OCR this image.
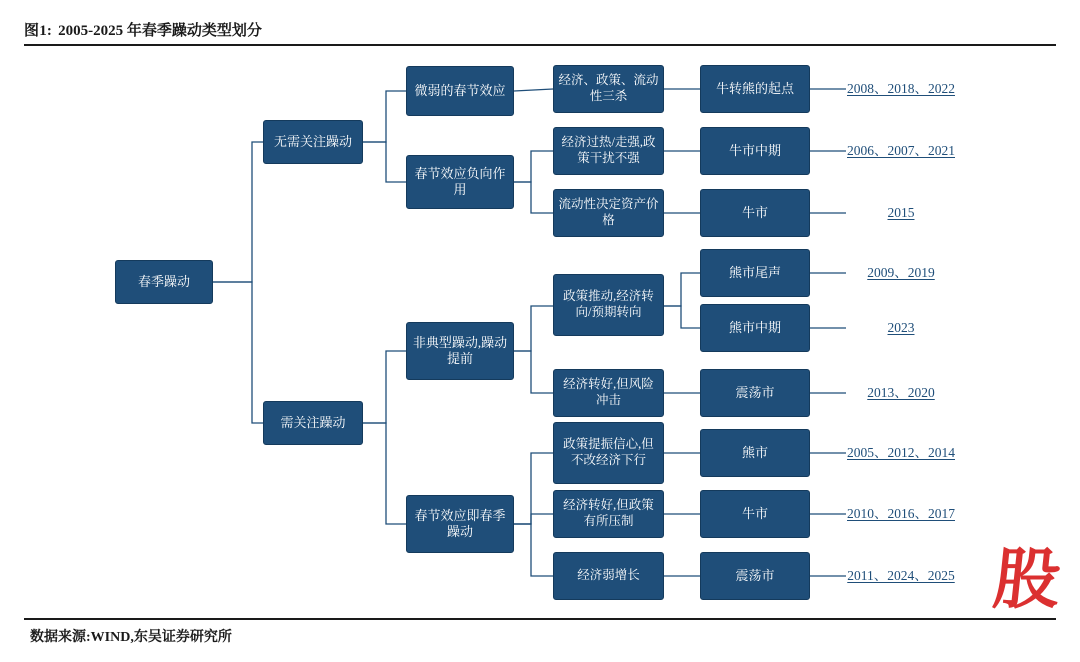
图1: 2005-2025 年春季躁动类型划分
春季躁动
无需关注躁动
需关注躁动
微弱的春节效应
春节效应负向作用
非典型躁动,躁动提前
春节效应即春季躁动
经济、政策、流动性三杀
经济过热/走强,政策干扰不强
流动性决定资产价格
政策推动,经济转向/预期转向
经济转好,但风险冲击
政策提振信心,但不改经济下行
经济转好,但政策有所压制
经济弱增长
牛转熊的起点
牛市中期
牛市
熊市尾声
熊市中期
震荡市
熊市
牛市
震荡市
2008、2018、2022
2006、2007、2021
2015
2009、2019
2023
2013、2020
2005、2012、2014
2010、2016、2017
2011、2024、2025 股
数据来源:WIND,东吴证券研究所
